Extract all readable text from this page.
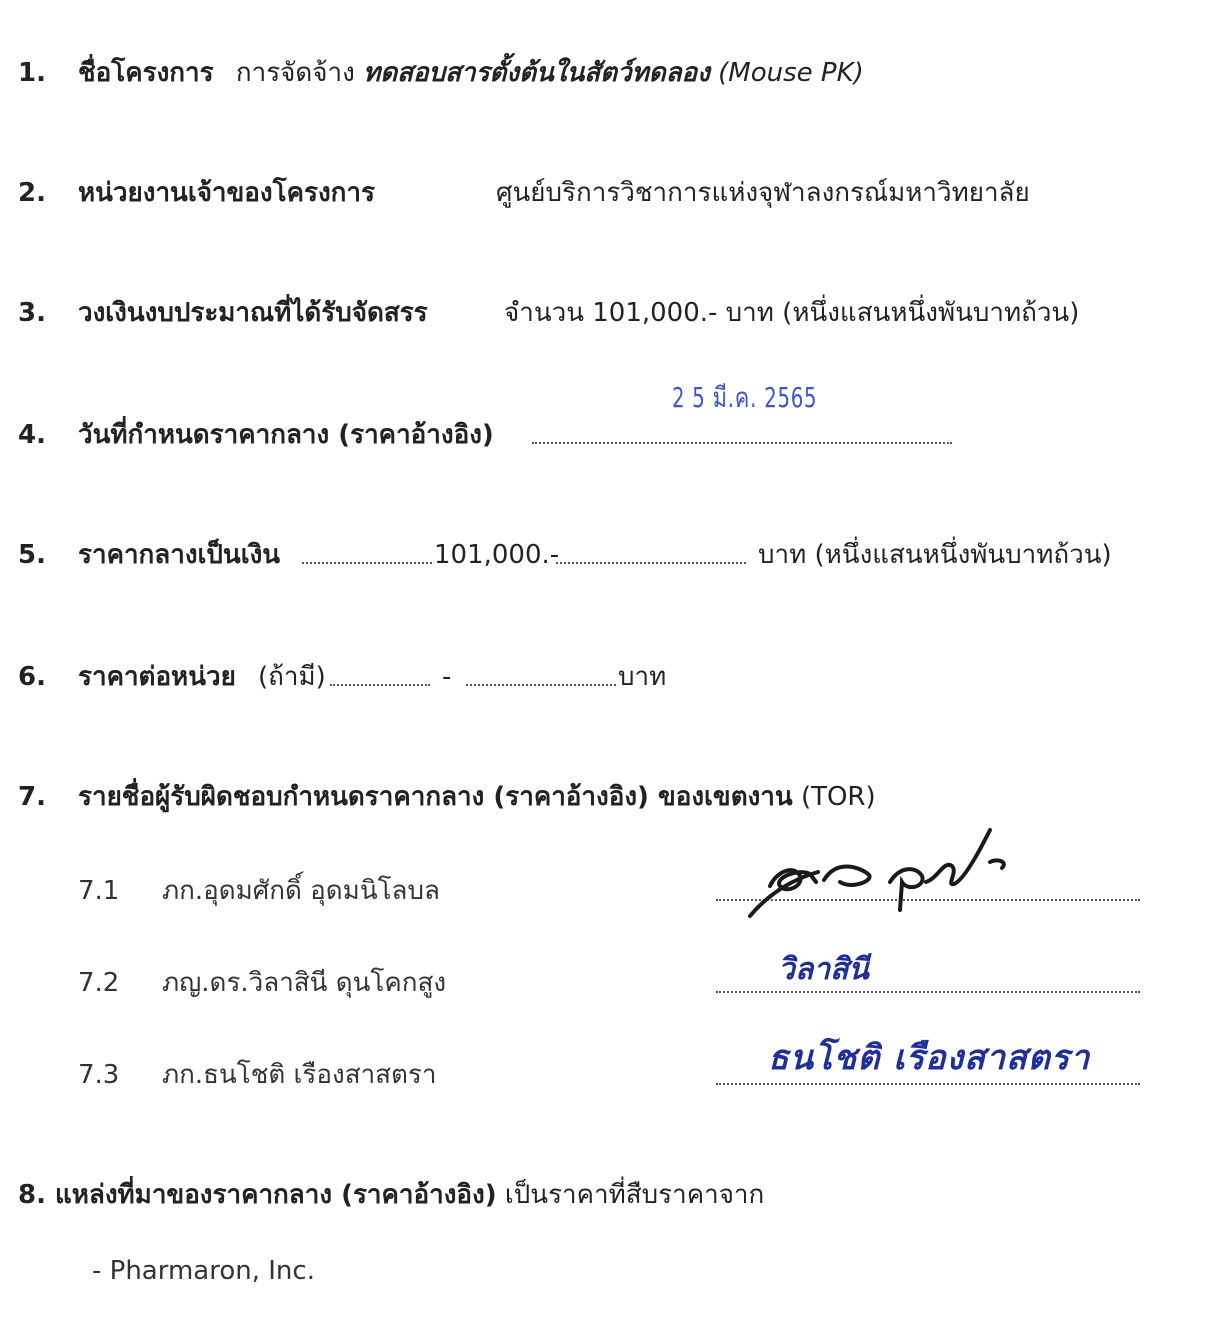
1. ชื่อโครงการ การจัดจ้าง ทดสอบสารตั้งต้นในสัตว์ทดลอง (Mouse PK)
2. หน่วยงานเจ้าของโครงการ	ศูนย์บริการวิชาการแห่งจุฬาลงกรณ์มหาวิทยาลัย
3. วงเงินงบประมาณที่ได้รับจัดสรร	จำนวน 101,000.- บาท (หนึ่งแสนหนึ่งพันบาทถ้วน)
2 5 มี.ค. 2565
4. วันที่กำหนดราคากลาง (ราคาอ้างอิง)
5. ราคากลางเป็นเงิน	101,000.-	บาท (หนึ่งแสนหนึ่งพันบาทถ้วน)
6. ราคาต่อหน่วย (ถ้ามี)	-	บาท
7. รายชื่อผู้รับผิดชอบกำหนดราคากลาง (ราคาอ้างอิง) ของเขตงาน (TOR)
7.1 ภก.อุดมศักดิ์ อุดมนิโลบล
7.2 ภญ.ดร.วิลาสินี ดุนโคกสูง	วิลาสินี
7.3 ภก.ธนโชติ เรืองสาสตรา	ธนโชติ เรืองสาสตรา
8. แหล่งที่มาของราคากลาง (ราคาอ้างอิง) เป็นราคาที่สืบราคาจาก
- Pharmaron, Inc.
